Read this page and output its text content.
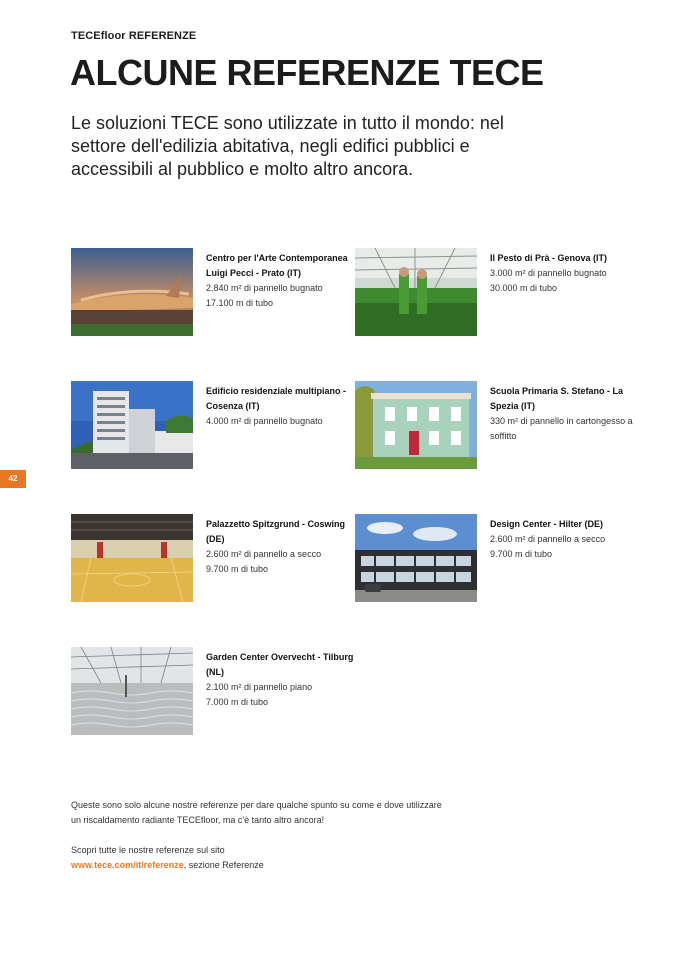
TECEfloor REFERENZE
ALCUNE REFERENZE TECE
Le soluzioni TECE sono utilizzate in tutto il mondo: nel settore dell'edilizia abitativa, negli edifici pubblici e accessibili al pubblico e molto altro ancora.
42
Centro per l'Arte Contemporanea Luigi Pecci - Prato (IT)
2.840 m² di pannello bugnato
17.100 m di tubo
Il Pesto di Prà - Genova (IT)
3.000 m² di pannello bugnato
30.000 m di tubo
Edificio residenziale multipiano - Cosenza (IT)
4.000 m² di pannello bugnato
Scuola Primaria S. Stefano - La Spezia (IT)
330 m² di pannello in cartongesso a soffitto
Palazzetto Spitzgrund - Coswing (DE)
2.600 m² di pannello a secco
9.700 m di tubo
Design Center - Hilter (DE)
2.600 m² di pannello a secco
9.700 m di tubo
Garden Center Overvecht - Tilburg (NL)
2.100 m² di pannello piano
7.000 m di tubo

Queste sono solo alcune nostre referenze per dare qualche spunto su come e dove utilizzare un riscaldamento radiante TECEfloor, ma c'è tanto altro ancora!

Scopri tutte le nostre referenze sul sito
www.tece.com/it/referenze, sezione Referenze
